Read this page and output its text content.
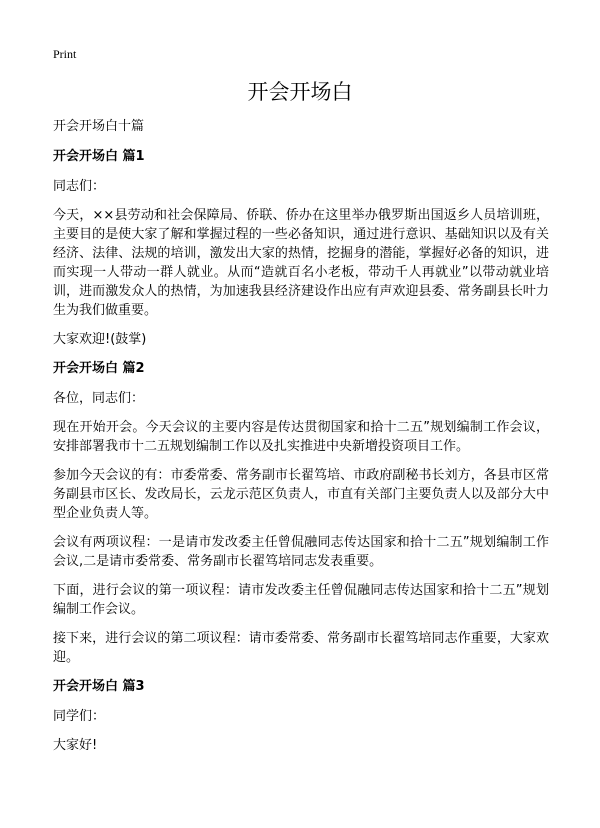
Print
开会开场白

开会开场白十篇

开会开场白 篇1

同志们：

今天，××县劳动和社会保障局、侨联、侨办在这里举办俄罗斯出国返乡人员培训班，主要目的是使大家了解和掌握过程的一些必备知识，通过进行意识、基础知识以及有关经济、法律、法规的培训，激发出大家的热情，挖掘身的潜能，掌握好必备的知识，进而实现一人带动一群人就业。从而“造就百名小老板，带动千人再就业”以带动就业培训，进而激发众人的热情，为加速我县经济建设作出应有声欢迎县委、常务副县长叶力生为我们做重要。

大家欢迎!(鼓掌)

开会开场白 篇2

各位，同志们：

现在开始开会。今天会议的主要内容是传达贯彻国家和拾十二五”规划编制工作会议，安排部署我市十二五规划编制工作以及扎实推进中央新增投资项目工作。

参加今天会议的有：市委常委、常务副市长翟笃培、市政府副秘书长刘方，各县市区常务副县市区长、发改局长，云龙示范区负责人，市直有关部门主要负责人以及部分大中型企业负责人等。

会议有两项议程：一是请市发改委主任曾侃融同志传达国家和拾十二五”规划编制工作会议,二是请市委常委、常务副市长翟笃培同志发表重要。

下面，进行会议的第一项议程：请市发改委主任曾侃融同志传达国家和拾十二五”规划编制工作会议。

接下来，进行会议的第二项议程：请市委常委、常务副市长翟笃培同志作重要，大家欢迎。

开会开场白 篇3

同学们：

大家好!
